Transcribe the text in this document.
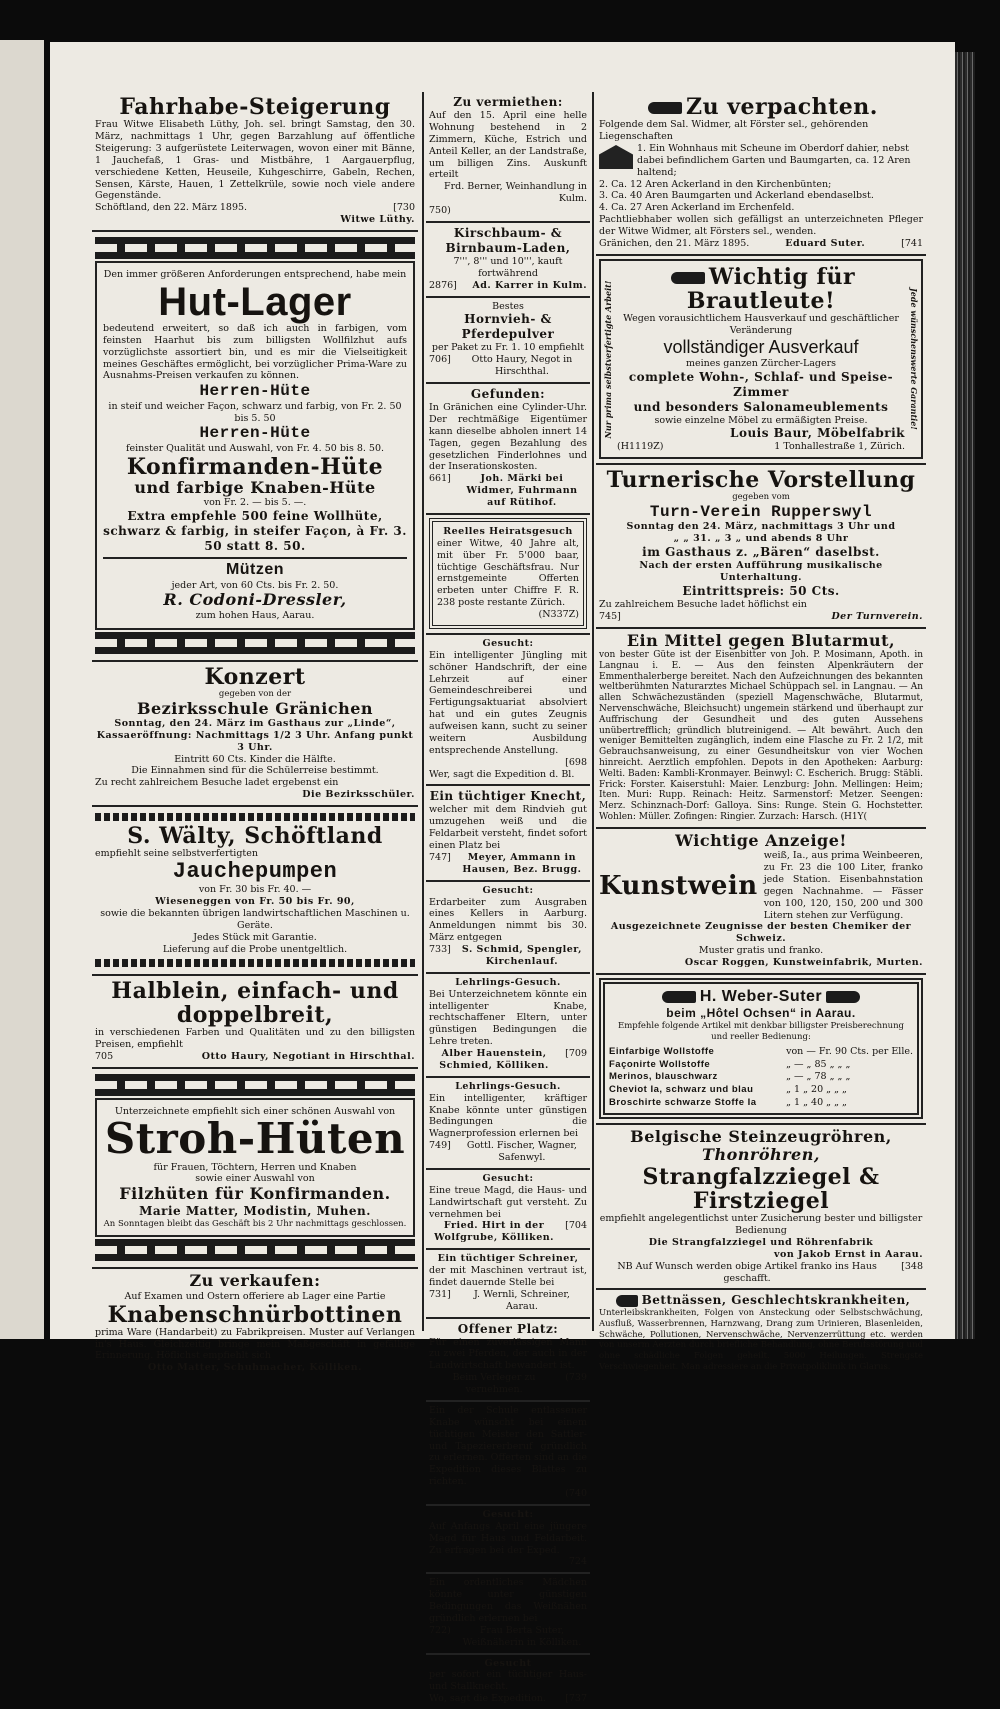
Fahrhabe-Steigerung
Frau Witwe Elisabeth Lüthy, Joh. sel. bringt Samstag, den 30. März, nachmittags 1 Uhr, gegen Barzahlung auf öffentliche Steigerung: 3 aufgerüstete Leiterwagen, wovon einer mit Bänne, 1 Jauchefaß, 1 Gras- und Mistbähre, 1 Aargauerpflug, verschiedene Ketten, Heuseile, Kuhgeschirre, Gabeln, Rechen, Sensen, Kärste, Hauen, 1 Zettelkrüle, sowie noch viele andere Gegenstände.
Schöftland, den 22. März 1895.	[730
Witwe Lüthy.
Den immer größeren Anforderungen entsprechend, habe mein
Hut-Lager
bedeutend erweitert, so daß ich auch in farbigen, vom feinsten Haarhut bis zum billigsten Wollfilzhut aufs vorzüglichste assortiert bin, und es mir die Vielseitigkeit meines Geschäftes ermöglicht, bei vorzüglicher Prima-Ware zu Ausnahms-Preisen verkaufen zu können.
Herren-Hüte
in steif und weicher Façon, schwarz und farbig, von Fr. 2. 50 bis 5. 50
Herren-Hüte
feinster Qualität und Auswahl, von Fr. 4. 50 bis 8. 50.
Konfirmanden-Hüte
und farbige Knaben-Hüte
von Fr. 2. — bis 5. —.
Extra empfehle 500 feine Wollhüte, schwarz & farbig, in steifer Façon, à Fr. 3. 50 statt 8. 50.
Mützen
jeder Art, von 60 Cts. bis Fr. 2. 50.
R. Codoni-Dressler,
zum hohen Haus, Aarau.
Konzert
gegeben von der
Bezirksschule Gränichen
Sonntag, den 24. März im Gasthaus zur „Linde“,
Kassaeröffnung: Nachmittags 1/2 3 Uhr. Anfang punkt 3 Uhr.
Eintritt 60 Cts. Kinder die Hälfte.
Die Einnahmen sind für die Schülerreise bestimmt.
Zu recht zahlreichem Besuche ladet ergebenst ein
Die Bezirksschüler.
S. Wälty, Schöftland
empfiehlt seine selbstverfertigten
Jauchepumpen
von Fr. 30 bis Fr. 40. —
Wieseneggen von Fr. 50 bis Fr. 90,
sowie die bekannten übrigen landwirtschaftlichen Maschinen u. Geräte.
Jedes Stück mit Garantie.
Lieferung auf die Probe unentgeltlich.
Halblein, einfach- und doppelbreit,
in verschiedenen Farben und Qualitäten und zu den billigsten Preisen, empfiehlt
705	Otto Haury, Negotiant in Hirschthal.
Unterzeichnete empfiehlt sich einer schönen Auswahl von
Stroh-Hüten
für Frauen, Töchtern, Herren und Knaben
sowie einer Auswahl von
Filzhüten für Konfirmanden.
Marie Matter, Modistin, Muhen.
An Sonntagen bleibt das Geschäft bis 2 Uhr nachmittags geschlossen.
Zu verkaufen:
Auf Examen und Ostern offeriere ab Lager eine Partie
Knabenschnürbottinen
prima Ware (Handarbeit) zu Fabrikpreisen. Muster auf Verlangen in's Haus. Gleichzeitig bringe mein Maßgeschäft in gefällige Erinnerung. Höflichst empfiehlt sich
Otto Matter, Schuhmacher, Kölliken.
Zu vermiethen:
Auf den 15. April eine helle Wohnung bestehend in 2 Zimmern, Küche, Estrich und Anteil Keller, an der Landstraße, um billigen Zins. Auskunft erteilt
Frd. Berner, Weinhandlung in Kulm.
750)
Kirschbaum- & Birnbaum-Laden,
7''', 8''' und 10''', kauft fortwährend
2876] Ad. Karrer in Kulm.
Bestes
Hornvieh- & Pferdepulver
per Paket zu Fr. 1. 10 empfiehlt
706]	Otto Haury, Negot in Hirschthal.
Gefunden:
In Gränichen eine Cylinder-Uhr. Der rechtmäßige Eigentümer kann dieselbe abholen innert 14 Tagen, gegen Bezahlung des gesetzlichen Finderlohnes und der Inserationskosten.
661]	Joh. Märki bei Widmer, Fuhrmann auf Rütihof.
Reelles Heiratsgesuch
einer Witwe, 40 Jahre alt, mit über Fr. 5'000 baar, tüchtige Geschäftsfrau. Nur ernstgemeinte Offerten erbeten unter Chiffre F. R. 238 poste restante Zürich.
(N337Z)
Gesucht:
Ein intelligenter Jüngling mit schöner Handschrift, der eine Lehrzeit auf einer Gemeindeschreiberei und Fertigungsaktuariat absolviert hat und ein gutes Zeugnis aufweisen kann, sucht zu seiner weitern Ausbildung entsprechende Anstellung.
[698
Wer, sagt die Expedition d. Bl.
Ein tüchtiger Knecht,
welcher mit dem Rindvieh gut umzugehen weiß und die Feldarbeit versteht, findet sofort einen Platz bei
747]	Meyer, Ammann in Hausen, Bez. Brugg.
Gesucht:
Erdarbeiter zum Ausgraben eines Kellers in Aarburg. Anmeldungen nimmt bis 30. März entgegen
733]	S. Schmid, Spengler, Kirchenlauf.
Lehrlings-Gesuch.
Bei Unterzeichnetem könnte ein intelligenter Knabe, rechtschaffener Eltern, unter günstigen Bedingungen die Lehre treten.
Alber Hauenstein, Schmied, Kölliken.
[709
Lehrlings-Gesuch.
Ein intelligenter, kräftiger Knabe könnte unter günstigen Bedingungen die Wagnerprofession erlernen bei
749]	Gottl. Fischer, Wagner, Safenwyl.
Gesucht:
Eine treue Magd, die Haus- und Landwirtschaft gut versteht. Zu vernehmen bei
Fried. Hirt in der Wolfgrube, Kölliken.
[704
Ein tüchtiger Schreiner,
der mit Maschinen vertraut ist, findet dauernde Stelle bei
731]	J. Wernli, Schreiner, Aarau.
Offener Platz:
Für einen zuverlässigen Mann zu zwei Pferden, der auch in der Landwirtschaft bewandert ist.
Beim Verleger zu vernehmen.
(739
Ein der Schule entlassener Knabe wünscht bei einem tüchtigen Meister den Sattler- und Tapeziererberuf gründlich zu erlernen. Offerten sind an die Expedition dieses Blattes zu richten.
(740
Gesucht:
Auf Anfangs April eine jüngere Magd für Haus und Feldarbeit. Zu erfragen bei der Exped.
724
Ein ordentliches Mädchen könnte unter günstigen Bedingungen das Weißnähen gründlich erlernen bei
722)	Frau Berta Suter, Weißnäherin in Kölliken.
Gesucht
per sofort ein tüchtiger Haus- und Stallknecht.
Wo, sagt die Expedition. [737
Zu verpachten.
Folgende dem Sal. Widmer, alt Förster sel., gehörenden Liegenschaften
1. Ein Wohnhaus mit Scheune im Oberdorf dahier, nebst dabei befindlichem Garten und Baumgarten, ca. 12 Aren haltend;
2. Ca. 12 Aren Ackerland in den Kirchenbünten;
3. Ca. 40 Aren Baumgarten und Ackerland ebendaselbst.
4. Ca. 27 Aren Ackerland im Erchenfeld.
Pachtliebhaber wollen sich gefälligst an unterzeichneten Pfleger der Witwe Widmer, alt Försters sel., wenden.
Gränichen, den 21. März 1895.	Eduard Suter.	[741
Nur prima selbstverfertigte Arbeit!	Jede wünschenswerte Garantie!
Wichtig für Brautleute!
Wegen vorausichtlichem Hausverkauf und geschäftlicher Veränderung
vollständiger Ausverkauf
meines ganzen Zürcher-Lagers
complete Wohn-, Schlaf- und Speise-Zimmer
und besonders Salonameublements
sowie einzelne Möbel zu ermäßigten Preise.
Louis Baur, Möbelfabrik
(H1119Z)	1 Tonhallestraße 1, Zürich.
Turnerische Vorstellung
gegeben vom
Turn-Verein Rupperswyl
Sonntag den 24. März, nachmittags 3 Uhr und
„ „ 31. „ 3 „ und abends 8 Uhr
im Gasthaus z. „Bären“ daselbst.
Nach der ersten Aufführung musikalische Unterhaltung.
Eintrittspreis: 50 Cts.
Zu zahlreichem Besuche ladet höflichst ein
745]	Der Turnverein.
Ein Mittel gegen Blutarmut,
von bester Güte ist der Eisenbitter von Joh. P. Mosimann, Apoth. in Langnau i. E. — Aus den feinsten Alpenkräutern der Emmenthalerberge bereitet. Nach den Aufzeichnungen des bekannten weltberühmten Naturarztes Michael Schüppach sel. in Langnau. — An allen Schwächezuständen (speziell Magenschwäche, Blutarmut, Nervenschwäche, Bleichsucht) ungemein stärkend und überhaupt zur Auffrischung der Gesundheit und des guten Aussehens unübertrefflich; gründlich blutreinigend. — Alt bewährt. Auch den weniger Bemittelten zugänglich, indem eine Flasche zu Fr. 2 1/2, mit Gebrauchsanweisung, zu einer Gesundheitskur von vier Wochen hinreicht. Aerztlich empfohlen. Depots in den Apotheken: Aarburg: Welti. Baden: Kambli-Kronmayer. Beinwyl: C. Escherich. Brugg: Stäbli. Frick: Forster. Kaiserstuhl: Maier. Lenzburg: John. Mellingen: Heim; Iten. Muri: Rupp. Reinach: Heitz. Sarmenstorf: Metzer. Seengen: Merz. Schinznach-Dorf: Galloya. Sins: Runge. Stein G. Hochstetter. Wohlen: Müller. Zofingen: Ringier. Zurzach: Harsch. (H1Y(
Wichtige Anzeige!
Kunstwein
weiß, Ia., aus prima Weinbeeren, zu Fr. 23 die 100 Liter, franko jede Station. Eisenbahnstation gegen Nachnahme. — Fässer von 100, 120, 150, 200 und 300 Litern stehen zur Verfügung.
Ausgezeichnete Zeugnisse der besten Chemiker der Schweiz.
Muster gratis und franko.
Oscar Roggen, Kunstweinfabrik, Murten.
H. Weber-Suter
beim „Hôtel Ochsen“ in Aarau.
Empfehle folgende Artikel mit denkbar billigster Preisberechnung und reeller Bedienung:
Einfarbige Wollstoffe	von — Fr. 90 Cts. per Elle.
Façonirte Wollstoffe	„ — „ 85 „ „ „
Merinos, blauschwarz	„ — „ 78 „ „ „
Cheviot Ia, schwarz und blau	„ 1 „ 20 „ „ „
Broschirte schwarze Stoffe Ia	„ 1 „ 40 „ „ „
Belgische Steinzeugröhren,
Thonröhren,
Strangfalzziegel & Firstziegel
empfiehlt angelegentlichst unter Zusicherung bester und billigster Bedienung
Die Strangfalzziegel und Röhrenfabrik
von Jakob Ernst in Aarau.
NB Auf Wunsch werden obige Artikel franko ins Haus geschafft.
[348
Bettnässen, Geschlechtskrankheiten,
Unterleibskrankheiten, Folgen von Ansteckung oder Selbstschwächung, Ausfluß, Wasserbrennen, Harnzwang, Drang zum Urinieren, Blasenleiden, Schwäche, Pollutionen, Nervenschwäche, Nervenzerrüttung etc. werden von unserm Aerzten durch briefliche Behandlung, ohne Berufsstörung und ohne schädliche Folgen geheilt. 5000 Heilungen. Strengste Verschwiegenheit. Man adressiere an die Privatpoliklinik in Glarus.
